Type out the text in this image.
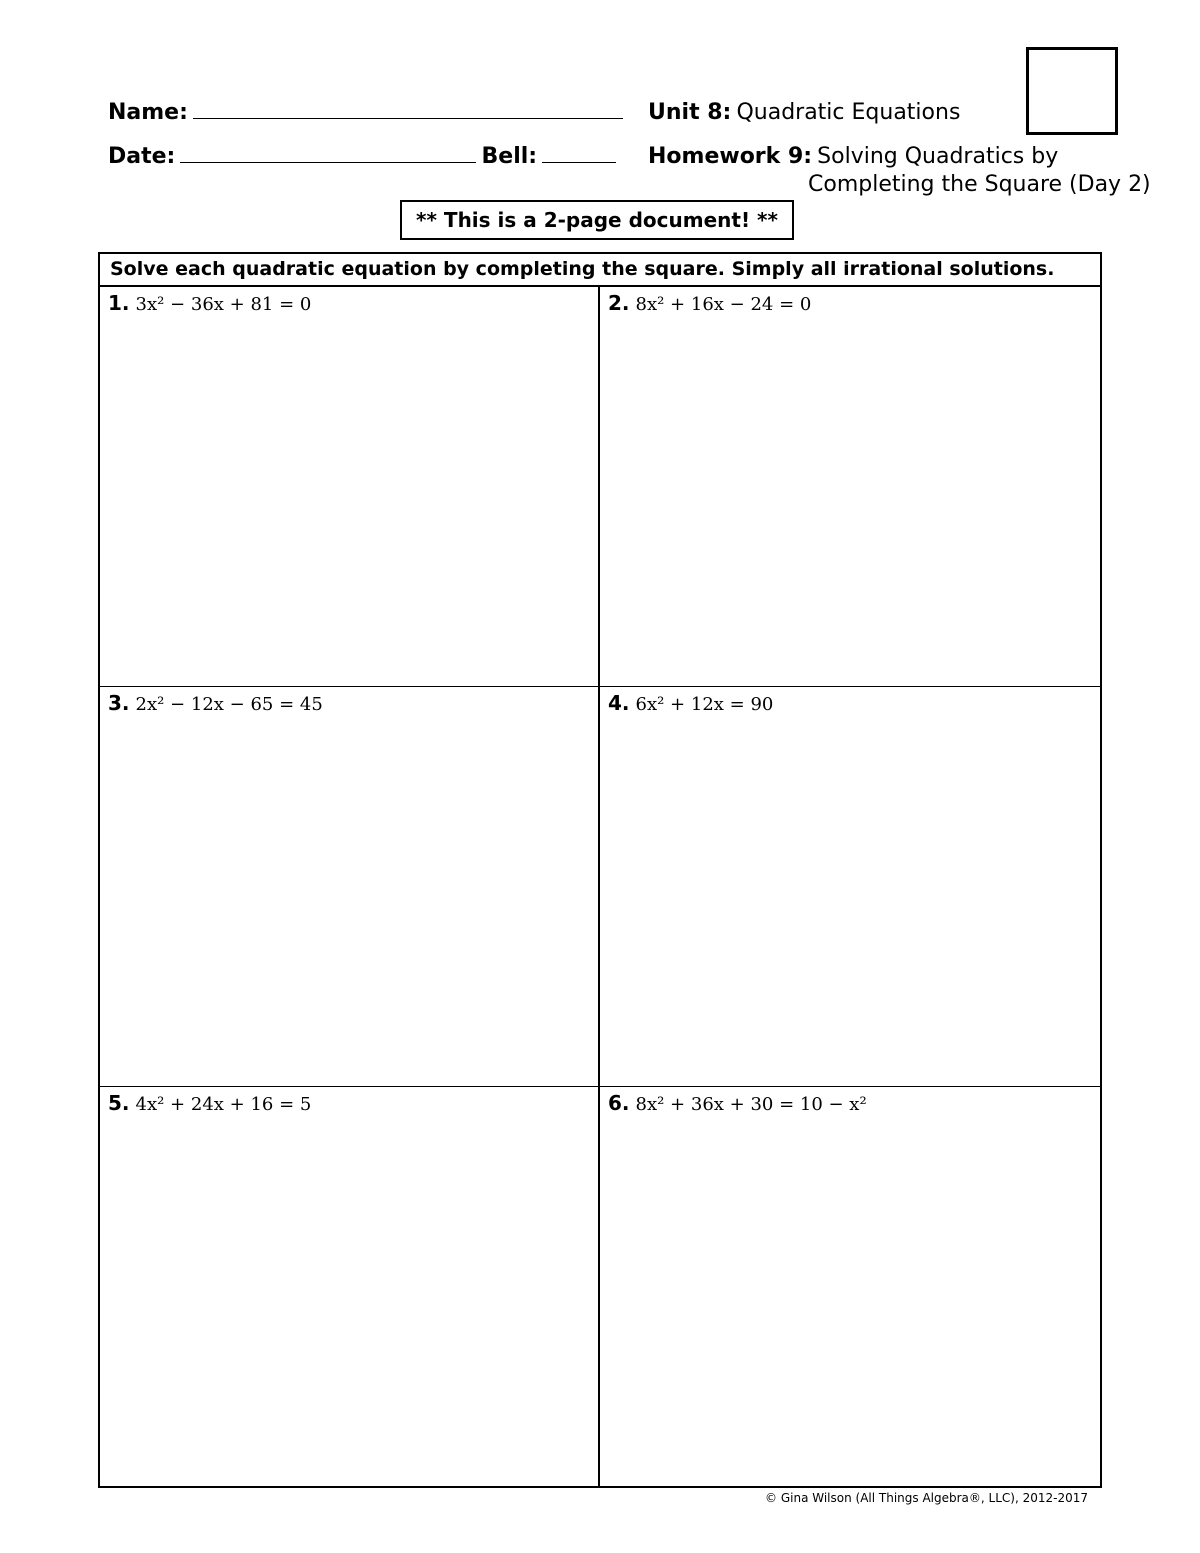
Name:
Date:	Bell:
Unit 8: Quadratic Equations
Homework 9: Solving Quadratics by
Completing the Square (Day 2)
** This is a 2-page document! **
Solve each quadratic equation by completing the square. Simply all irrational solutions.
1. 3x² − 36x + 81 = 0	2. 8x² + 16x − 24 = 0
3. 2x² − 12x − 65 = 45	4. 6x² + 12x = 90
5. 4x² + 24x + 16 = 5	6. 8x² + 36x + 30 = 10 − x²
© Gina Wilson (All Things Algebra®, LLC), 2012-2017
